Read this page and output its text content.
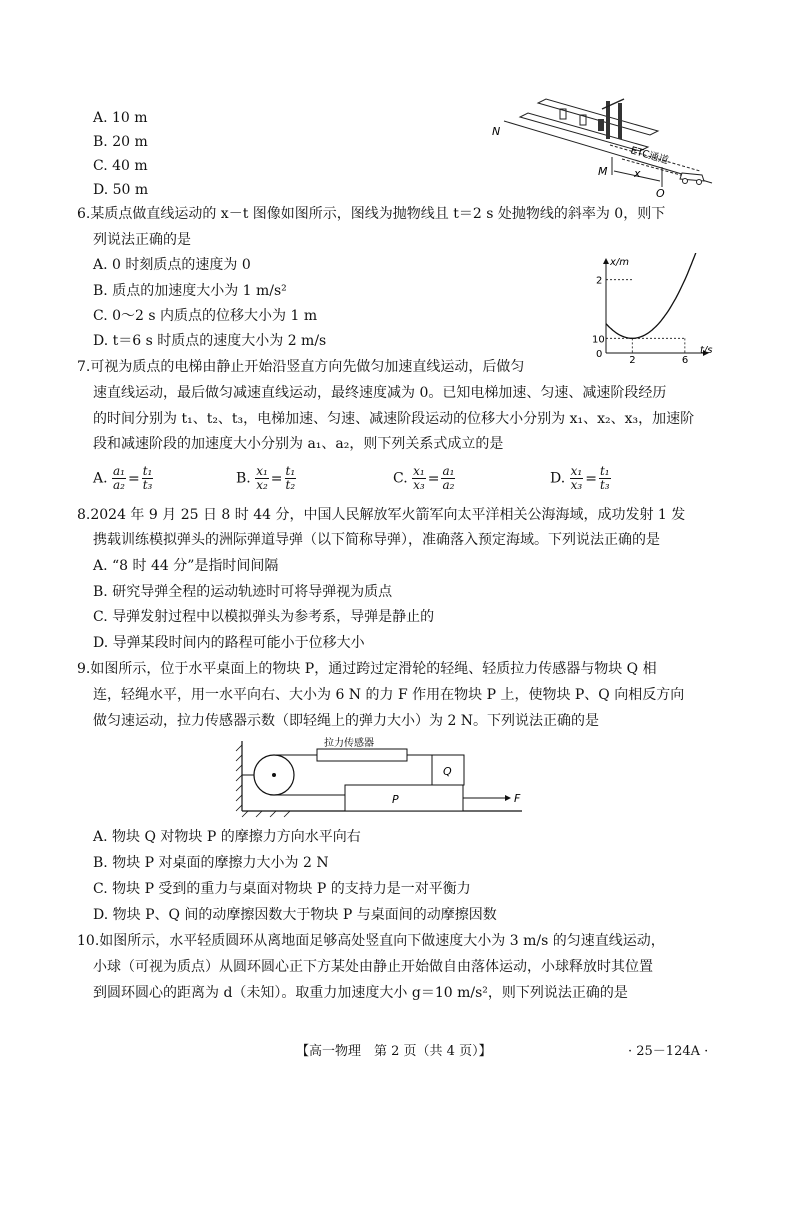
A. 10 m
B. 20 m
C. 40 m
D. 50 m
N
M x
O
ETC通道
6.某质点做直线运动的 x－t 图像如图所示，图线为抛物线且 t＝2 s 处抛物线的斜率为 0，则下
列说法正确的是
A. 0 时刻质点的速度为 0
B. 质点的加速度大小为 1 m/s²
C. 0～2 s 内质点的位移大小为 1 m
D. t＝6 s 时质点的速度大小为 2 m/s
x/m
t/s
10
2
2	6
0
7.可视为质点的电梯由静止开始沿竖直方向先做匀加速直线运动，后做匀
速直线运动，最后做匀减速直线运动，最终速度减为 0。已知电梯加速、匀速、减速阶段经历
的时间分别为 t₁、t₂、t₃，电梯加速、匀速、减速阶段运动的位移大小分别为 x₁、x₂、x₃，加速阶
段和减速阶段的加速度大小分别为 a₁、a₂，则下列关系式成立的是
A. $\frac{\text{a₁}}{\text{a₂}} = \frac{\text{t₁}}{\text{t₃}}$	B. $\frac{\text{x₁}}{\text{x₂}} = \frac{\text{t₁}}{\text{t₂}}$	C. $\frac{\text{x₁}}{\text{x₃}} = \frac{\text{a₁}}{\text{a₂}}$	D. $\frac{\text{x₁}}{\text{x₃}} = \frac{\text{t₁}}{\text{t₃}}$
8.2024 年 9 月 25 日 8 时 44 分，中国人民解放军火箭军向太平洋相关公海海域，成功发射 1 发
携载训练模拟弹头的洲际弹道导弹（以下简称导弹），准确落入预定海域。下列说法正确的是
A. “8 时 44 分”是指时间间隔
B. 研究导弹全程的运动轨迹时可将导弹视为质点
C. 导弹发射过程中以模拟弹头为参考系，导弹是静止的
D. 导弹某段时间内的路程可能小于位移大小
9.如图所示，位于水平桌面上的物块 P，通过跨过定滑轮的轻绳、轻质拉力传感器与物块 Q 相
连，轻绳水平，用一水平向右、大小为 6 N 的力 F 作用在物块 P 上，使物块 P、Q 向相反方向
做匀速运动，拉力传感器示数（即轻绳上的弹力大小）为 2 N。下列说法正确的是
拉力传感器
Q
P	F
A. 物块 Q 对物块 P 的摩擦力方向水平向右
B. 物块 P 对桌面的摩擦力大小为 2 N
C. 物块 P 受到的重力与桌面对物块 P 的支持力是一对平衡力
D. 物块 P、Q 间的动摩擦因数大于物块 P 与桌面间的动摩擦因数
10.如图所示，水平轻质圆环从离地面足够高处竖直向下做速度大小为 3 m/s 的匀速直线运动，
小球（可视为质点）从圆环圆心正下方某处由静止开始做自由落体运动，小球释放时其位置
到圆环圆心的距离为 d（未知）。取重力加速度大小 g＝10 m/s²，则下列说法正确的是
【高一物理　第 2 页（共 4 页）】	· 25－124A ·
